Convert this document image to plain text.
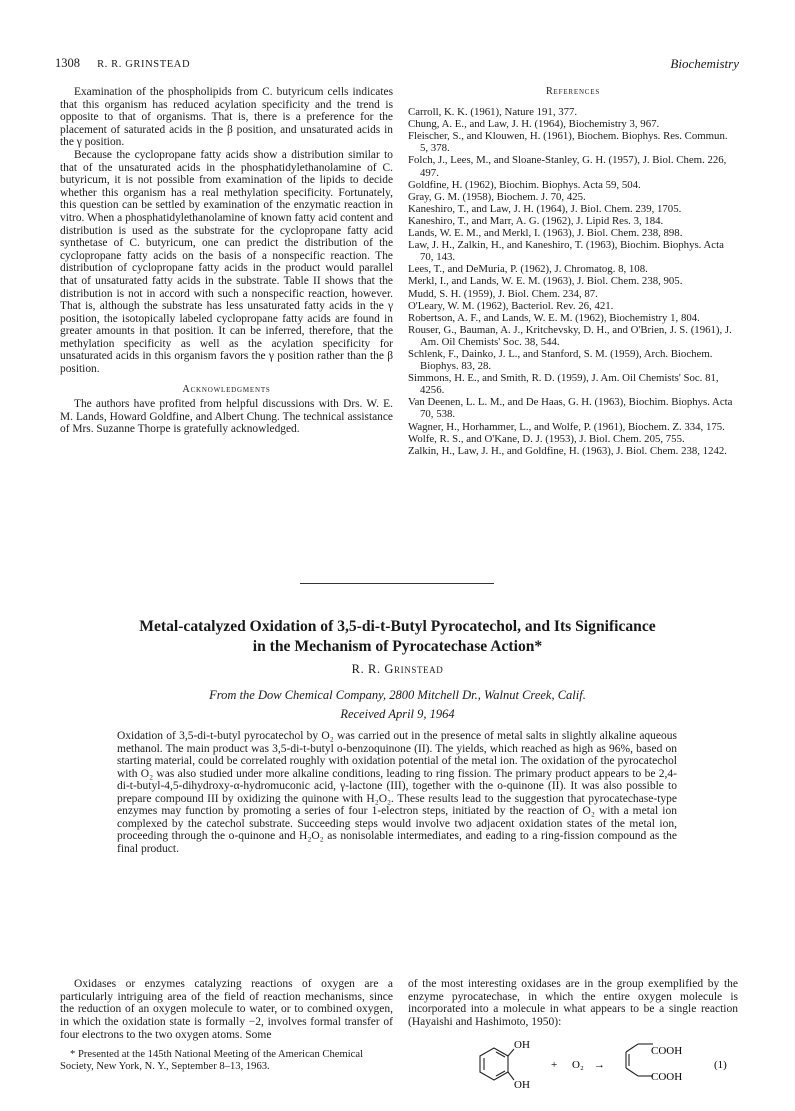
1308 R. R. GRINSTEAD	Biochemistry

Examination of the phospholipids from C. butyricum cells indicates that this organism has reduced acylation specificity and the trend is opposite to that of organisms. That is, there is a preference for the placement of saturated acids in the β position, and unsaturated acids in the γ position.

Because the cyclopropane fatty acids show a distribution similar to that of the unsaturated acids in the phosphatidylethanolamine of C. butyricum, it is not possible from examination of the lipids to decide whether this organism has a real methylation specificity. Fortunately, this question can be settled by examination of the enzymatic reaction in vitro. When a phosphatidylethanolamine of known fatty acid content and distribution is used as the substrate for the cyclopropane fatty acid synthetase of C. butyricum, one can predict the distribution of the cyclopropane fatty acids on the basis of a nonspecific reaction. The distribution of cyclopropane fatty acids in the product would parallel that of unsaturated fatty acids in the substrate. Table II shows that the distribution is not in accord with such a nonspecific reaction, however. That is, although the substrate has less unsaturated fatty acids in the γ position, the isotopically labeled cyclopropane fatty acids are found in greater amounts in that position. It can be inferred, therefore, that the methylation specificity as well as the acylation specificity for unsaturated acids in this organism favors the γ position rather than the β position.

Acknowledgments

The authors have profited from helpful discussions with Drs. W. E. M. Lands, Howard Goldfine, and Albert Chung. The technical assistance of Mrs. Suzanne Thorpe is gratefully acknowledged.

References

Carroll, K. K. (1961), Nature 191, 377.

Chung, A. E., and Law, J. H. (1964), Biochemistry 3, 967.

Fleischer, S., and Klouwen, H. (1961), Biochem. Biophys. Res. Commun. 5, 378.

Folch, J., Lees, M., and Sloane-Stanley, G. H. (1957), J. Biol. Chem. 226, 497.

Goldfine, H. (1962), Biochim. Biophys. Acta 59, 504.

Gray, G. M. (1958), Biochem. J. 70, 425.

Kaneshiro, T., and Law, J. H. (1964), J. Biol. Chem. 239, 1705.

Kaneshiro, T., and Marr, A. G. (1962), J. Lipid Res. 3, 184.

Lands, W. E. M., and Merkl, I. (1963), J. Biol. Chem. 238, 898.

Law, J. H., Zalkin, H., and Kaneshiro, T. (1963), Biochim. Biophys. Acta 70, 143.

Lees, T., and DeMuria, P. (1962), J. Chromatog. 8, 108.

Merkl, I., and Lands, W. E. M. (1963), J. Biol. Chem. 238, 905.

Mudd, S. H. (1959), J. Biol. Chem. 234, 87.

O'Leary, W. M. (1962), Bacteriol. Rev. 26, 421.

Robertson, A. F., and Lands, W. E. M. (1962), Biochemistry 1, 804.

Rouser, G., Bauman, A. J., Kritchevsky, D. H., and O'Brien, J. S. (1961), J. Am. Oil Chemists' Soc. 38, 544.

Schlenk, F., Dainko, J. L., and Stanford, S. M. (1959), Arch. Biochem. Biophys. 83, 28.

Simmons, H. E., and Smith, R. D. (1959), J. Am. Oil Chemists' Soc. 81, 4256.

Van Deenen, L. L. M., and De Haas, G. H. (1963), Biochim. Biophys. Acta 70, 538.

Wagner, H., Horhammer, L., and Wolfe, P. (1961), Biochem. Z. 334, 175.

Wolfe, R. S., and O'Kane, D. J. (1953), J. Biol. Chem. 205, 755.

Zalkin, H., Law, J. H., and Goldfine, H. (1963), J. Biol. Chem. 238, 1242.

Metal-catalyzed Oxidation of 3,5-di-t-Butyl Pyrocatechol, and Its Significance
in the Mechanism of Pyrocatechase Action*
R. R. Grinstead
From the Dow Chemical Company, 2800 Mitchell Dr., Walnut Creek, Calif.
Received April 9, 1964

Oxidation of 3,5-di-t-butyl pyrocatechol by O₂ was carried out in the presence of metal salts in slightly alkaline aqueous methanol. The main product was 3,5-di-t-butyl o-benzoquinone (II). The yields, which reached as high as 96%, based on starting material, could be correlated roughly with oxidation potential of the metal ion. The oxidation of the pyrocatechol with O₂ was also studied under more alkaline conditions, leading to ring fission. The primary product appears to be 2,4-di-t-butyl-4,5-dihydroxy-α-hydromuconic acid, γ-lactone (III), together with the o-quinone (II). It was also possible to prepare compound III by oxidizing the quinone with H₂O₂. These results lead to the suggestion that pyrocatechase-type enzymes may function by promoting a series of four 1-electron steps, initiated by the reaction of O₂ with a metal ion complexed by the catechol substrate. Succeeding steps would involve two adjacent oxidation states of the metal ion, proceeding through the o-quinone and H₂O₂ as nonisolable intermediates, and eading to a ring-fission compound as the final product.

Oxidases or enzymes catalyzing reactions of oxygen are a particularly intriguing area of the field of reaction mechanisms, since the reduction of an oxygen molecule to water, or to combined oxygen, in which the oxidation state is formally −2, involves formal transfer of four electrons to the two oxygen atoms. Some

* Presented at the 145th National Meeting of the American Chemical Society, New York, N. Y., September 8–13, 1963.

of the most interesting oxidases are in the group exemplified by the enzyme pyrocatechase, in which the entire oxygen molecule is incorporated into a molecule in what appears to be a single reaction (Hayaishi and Hashimoto, 1950):

OH
OH
+ O₂ →
COOH
COOH
(1)
